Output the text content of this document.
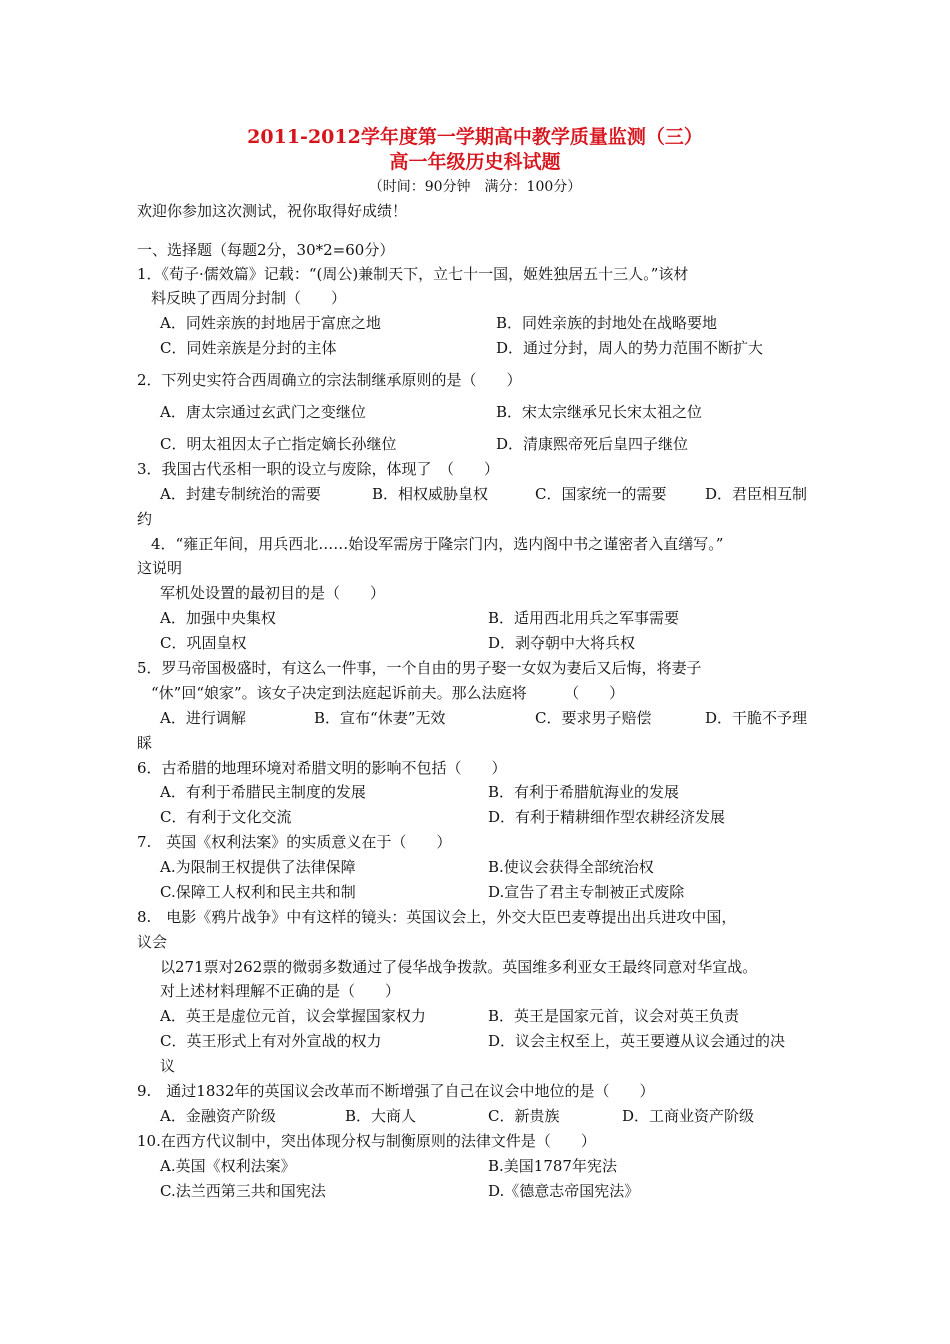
2011-2012学年度第一学期高中教学质量监测（三）
高一年级历史科试题
（时间：90分钟　满分：100分）
欢迎你参加这次测试，祝你取得好成绩！
一、选择题（每题2分，30*2=60分）
1．《荀子·儒效篇》记载：“(周公)兼制天下，立七十一国，姬姓独居五十三人。”该材
料反映了西周分封制（　　）
A．同姓亲族的封地居于富庶之地	B．同姓亲族的封地处在战略要地
C．同姓亲族是分封的主体	D．通过分封，周人的势力范围不断扩大
2．下列史实符合西周确立的宗法制继承原则的是（　　）
A．唐太宗通过玄武门之变继位	B．宋太宗继承兄长宋太祖之位
C．明太祖因太子亡指定嫡长孙继位	D．清康熙帝死后皇四子继位
3．我国古代丞相一职的设立与废除，体现了　（　　）
A．封建专制统治的需要	B．相权威胁皇权	C．国家统一的需要	D．君臣相互制
约
4．“雍正年间，用兵西北……始设军需房于隆宗门内，选内阁中书之谨密者入直缮写。”
这说明
军机处设置的最初目的是（　　）
A．加强中央集权	B．适用西北用兵之军事需要
C．巩固皇权	D．剥夺朝中大将兵权
5．罗马帝国极盛时，有这么一件事，一个自由的男子娶一女奴为妻后又后悔，将妻子
“休”回“娘家”。该女子决定到法庭起诉前夫。那么法庭将　　　（　　）
A．进行调解	B．宣布“休妻”无效	C．要求男子赔偿	D．干脆不予理
睬
6．古希腊的地理环境对希腊文明的影响不包括（　　）
A．有利于希腊民主制度的发展	B．有利于希腊航海业的发展
C．有利于文化交流	D．有利于精耕细作型农耕经济发展
7.　英国《权利法案》的实质意义在于（　　）
A.为限制王权提供了法律保障	B.使议会获得全部统治权
C.保障工人权利和民主共和制	D.宣告了君主专制被正式废除
8.　电影《鸦片战争》中有这样的镜头：英国议会上，外交大臣巴麦尊提出出兵进攻中国，
议会
以271票对262票的微弱多数通过了侵华战争拨款。英国维多利亚女王最终同意对华宣战。
对上述材料理解不正确的是（　　）
A．英王是虚位元首，议会掌握国家权力	B．英王是国家元首，议会对英王负责
C．英王形式上有对外宣战的权力	D．议会主权至上，英王要遵从议会通过的决
议
9.　通过1832年的英国议会改革而不断增强了自己在议会中地位的是（　　）
A．金融资产阶级	B．大商人	C．新贵族	D．工商业资产阶级
10.在西方代议制中，突出体现分权与制衡原则的法律文件是（　　）
A.英国《权利法案》	B.美国1787年宪法
C.法兰西第三共和国宪法	D.《德意志帝国宪法》
